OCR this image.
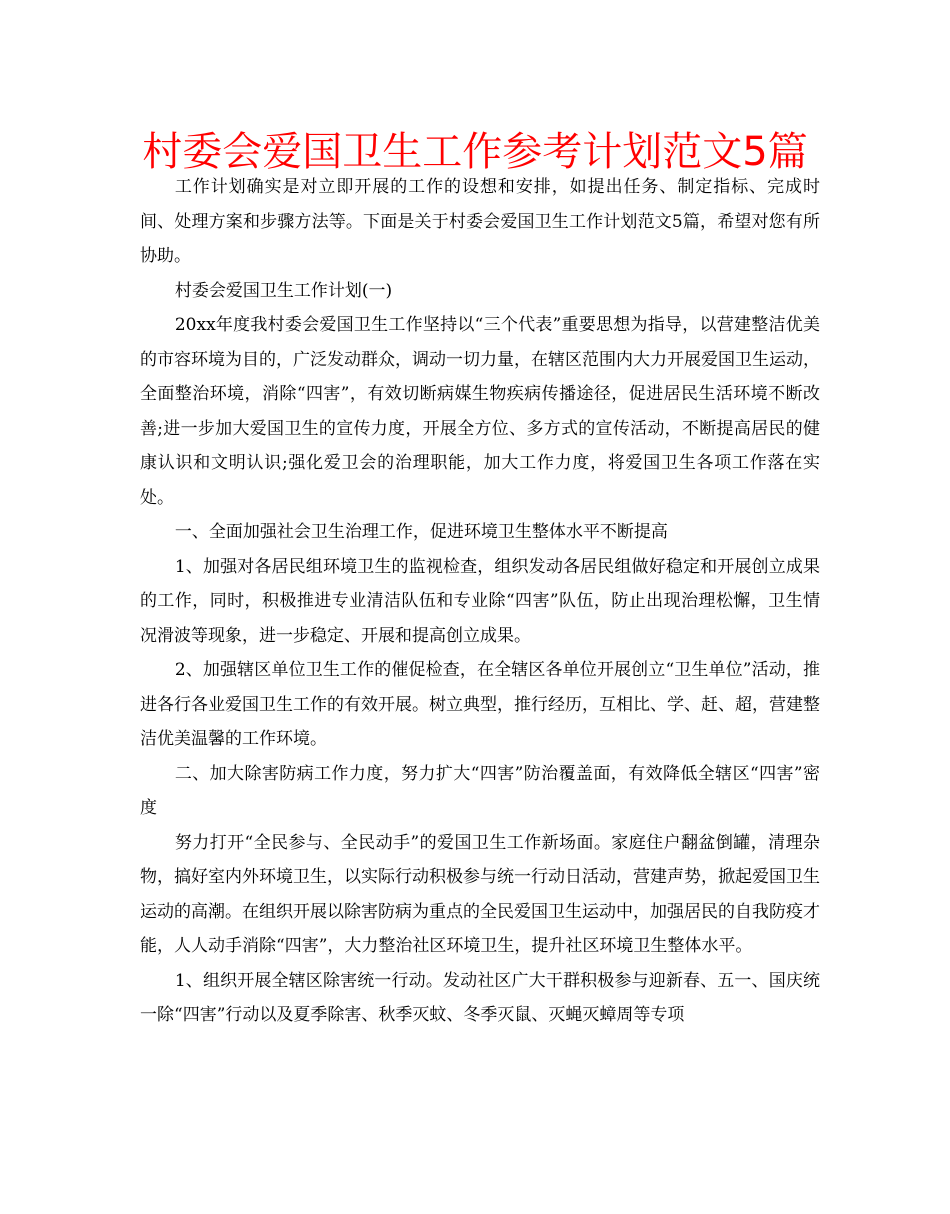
村委会爱国卫生工作参考计划范文5篇

工作计划确实是对立即开展的工作的设想和安排，如提出任务、制定指标、完成时间、处理方案和步骤方法等。下面是关于村委会爱国卫生工作计划范文5篇，希望对您有所协助。

村委会爱国卫生工作计划(一)

20xx年度我村委会爱国卫生工作坚持以“三个代表”重要思想为指导，以营建整洁优美的市容环境为目的，广泛发动群众，调动一切力量，在辖区范围内大力开展爱国卫生运动，全面整治环境，消除“四害”，有效切断病媒生物疾病传播途径，促进居民生活环境不断改善;进一步加大爱国卫生的宣传力度，开展全方位、多方式的宣传活动，不断提高居民的健康认识和文明认识;强化爱卫会的治理职能，加大工作力度，将爱国卫生各项工作落在实处。

一、全面加强社会卫生治理工作，促进环境卫生整体水平不断提高

1、加强对各居民组环境卫生的监视检查，组织发动各居民组做好稳定和开展创立成果的工作，同时，积极推进专业清洁队伍和专业除“四害”队伍，防止出现治理松懈，卫生情况滑波等现象，进一步稳定、开展和提高创立成果。

2、加强辖区单位卫生工作的催促检查，在全辖区各单位开展创立“卫生单位”活动，推进各行各业爱国卫生工作的有效开展。树立典型，推行经历，互相比、学、赶、超，营建整洁优美温馨的工作环境。

二、加大除害防病工作力度，努力扩大“四害”防治覆盖面，有效降低全辖区“四害”密度

努力打开“全民参与、全民动手”的爱国卫生工作新场面。家庭住户翻盆倒罐，清理杂物，搞好室内外环境卫生，以实际行动积极参与统一行动日活动，营建声势，掀起爱国卫生运动的高潮。在组织开展以除害防病为重点的全民爱国卫生运动中，加强居民的自我防疫才能，人人动手消除“四害”，大力整治社区环境卫生，提升社区环境卫生整体水平。

1、组织开展全辖区除害统一行动。发动社区广大干群积极参与迎新春、五一、国庆统一除“四害”行动以及夏季除害、秋季灭蚊、冬季灭鼠、灭蝇灭蟑周等专项
